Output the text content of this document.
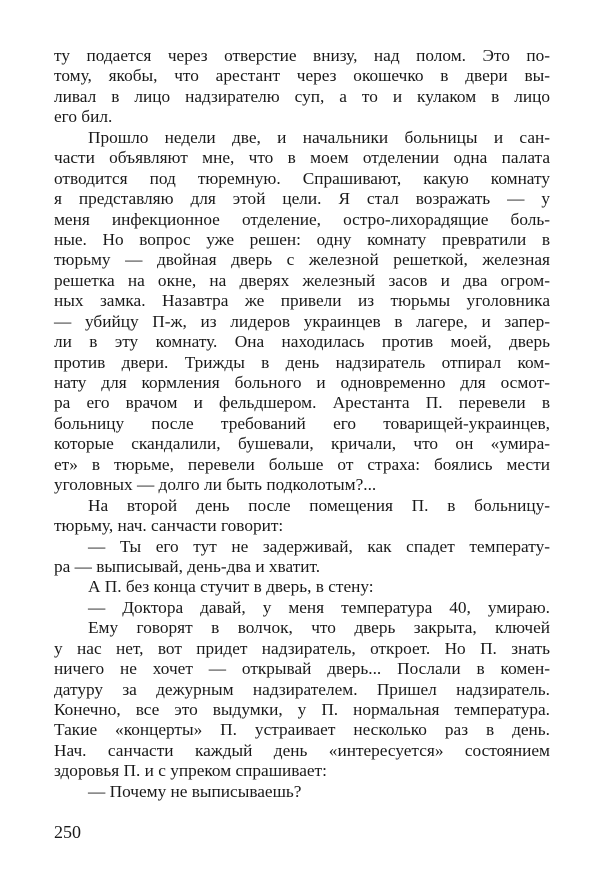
ту подается через отверстие внизу, над полом. Это по-
тому, якобы, что арестант через окошечко в двери вы-
ливал в лицо надзирателю суп, а то и кулаком в лицо
его бил.
Прошло недели две, и начальники больницы и сан-
части объявляют мне, что в моем отделении одна палата
отводится под тюремную. Спрашивают, какую комнату
я представляю для этой цели. Я стал возражать — у
меня инфекционное отделение, остро-лихорадящие боль-
ные. Но вопрос уже решен: одну комнату превратили в
тюрьму — двойная дверь с железной решеткой, железная
решетка на окне, на дверях железный засов и два огром-
ных замка. Назавтра же привели из тюрьмы уголовника
— убийцу П-ж, из лидеров украинцев в лагере, и запер-
ли в эту комнату. Она находилась против моей, дверь
против двери. Трижды в день надзиратель отпирал ком-
нату для кормления больного и одновременно для осмот-
ра его врачом и фельдшером. Арестанта П. перевели в
больницу после требований его товарищей-украинцев,
которые скандалили, бушевали, кричали, что он «умира-
ет» в тюрьме, перевели больше от страха: боялись мести
уголовных — долго ли быть подколотым?...
На второй день после помещения П. в больницу-
тюрьму, нач. санчасти говорит:
— Ты его тут не задерживай, как спадет температу-
ра — выписывай, день-два и хватит.
А П. без конца стучит в дверь, в стену:
— Доктора давай, у меня температура 40, умираю.
Ему говорят в волчок, что дверь закрыта, ключей
у нас нет, вот придет надзиратель, откроет. Но П. знать
ничего не хочет — открывай дверь... Послали в комен-
датуру за дежурным надзирателем. Пришел надзиратель.
Конечно, все это выдумки, у П. нормальная температура.
Такие «концерты» П. устраивает несколько раз в день.
Нач. санчасти каждый день «интересуется» состоянием
здоровья П. и с упреком спрашивает:
— Почему не выписываешь?
250
